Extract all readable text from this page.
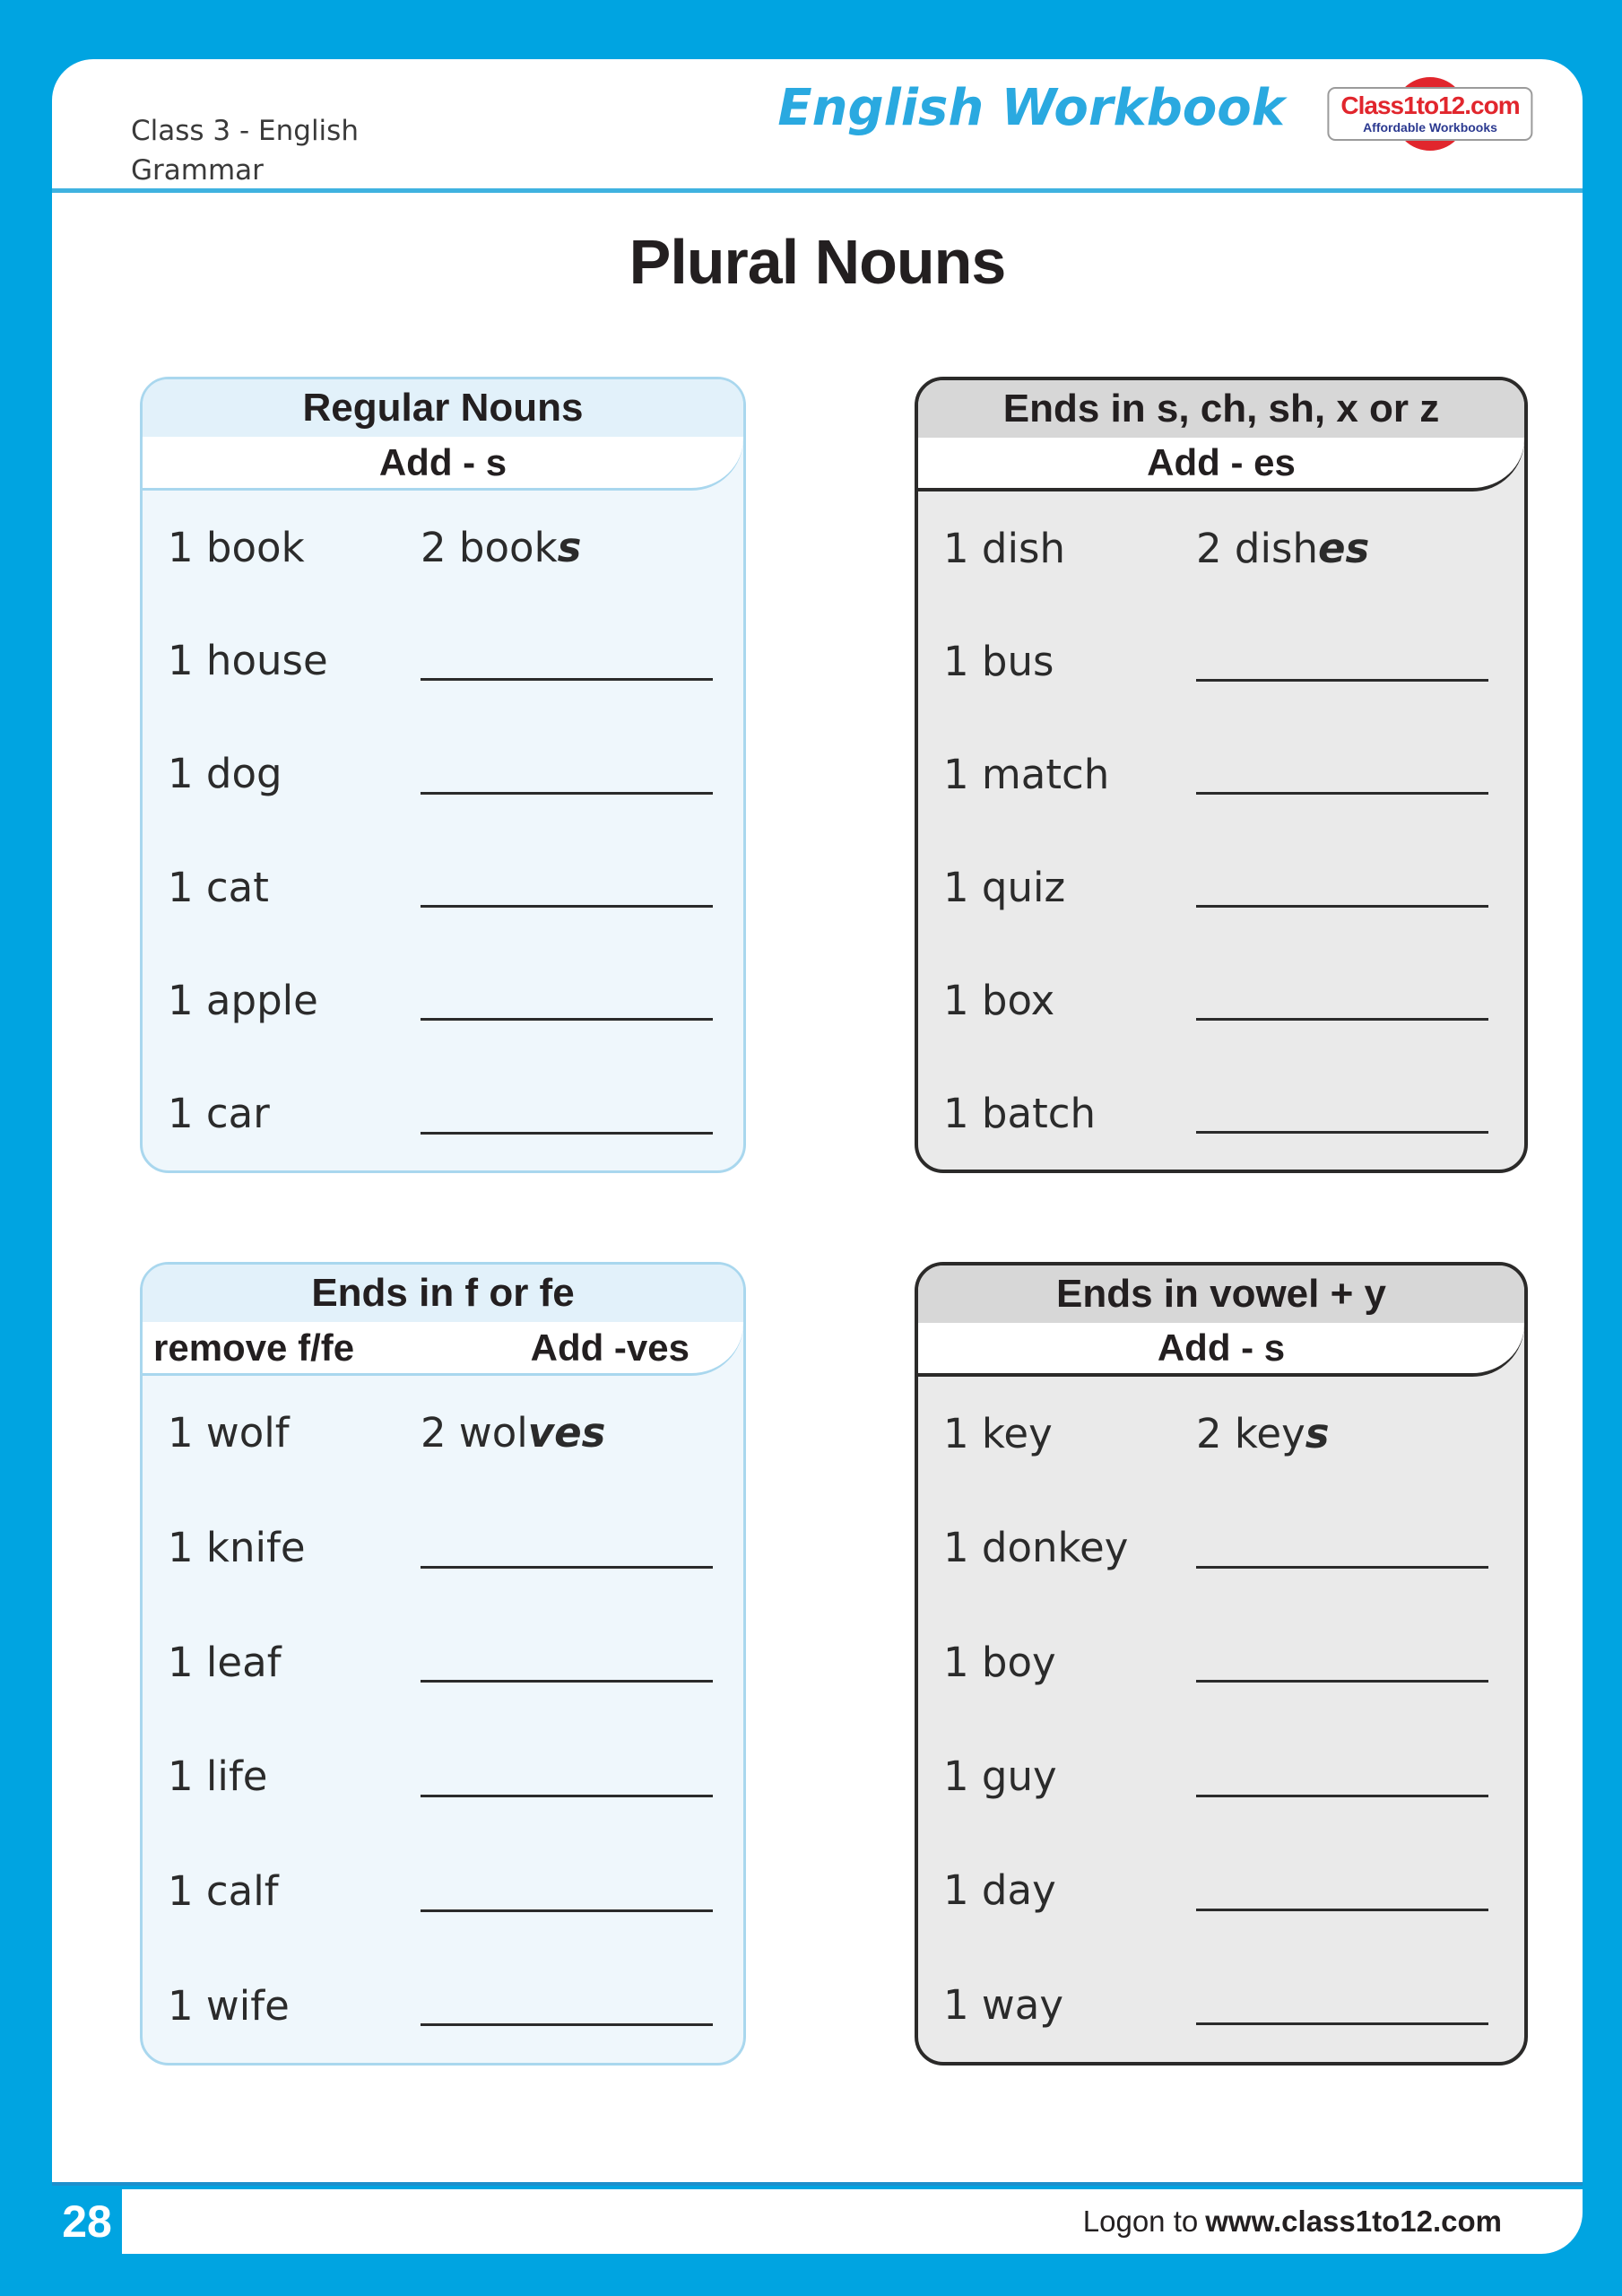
Class 3 - English
Grammar
English Workbook Class1to12.com
Affordable Workbooks
Plural Nouns
Regular Nouns
Add - s
1 book	2 books
1 house
1 dog
1 cat
1 apple
1 car
Ends in s, ch, sh, x or z
Add - es
1 dish	2 dishes
1 bus
1 match
1 quiz
1 box
1 batch
Ends in f or fe
remove f/fe	Add -ves
1 wolf	2 wolves
1 knife
1 leaf
1 life
1 calf
1 wife
Ends in vowel + y
Add - s
1 key	2 keys
1 donkey
1 boy
1 guy
1 day
1 way
28	Logon to www.class1to12.com
